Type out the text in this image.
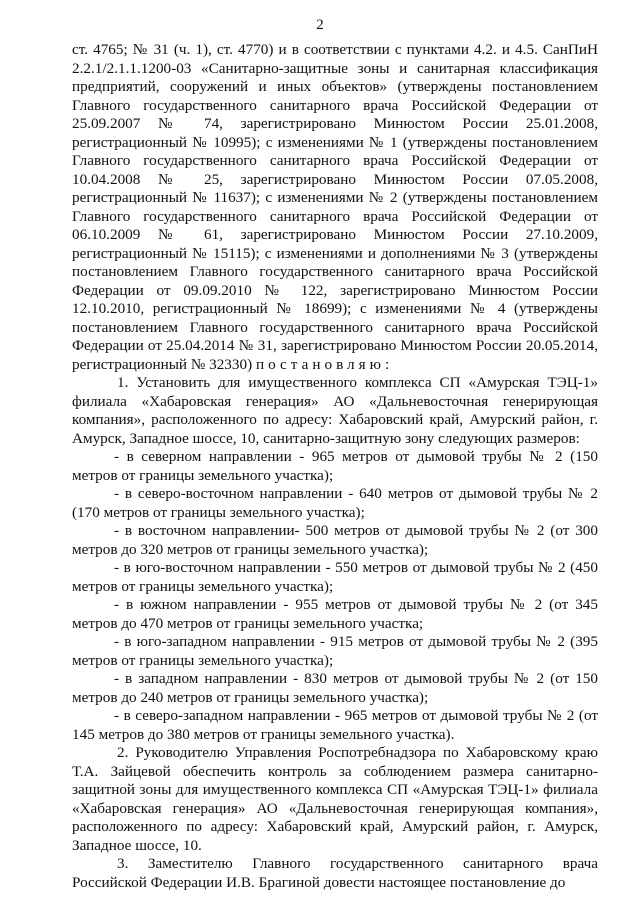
2

ст. 4765; № 31 (ч. 1), ст. 4770) и в соответствии с пунктами 4.2. и 4.5. СанПиН 2.2.1/2.1.1.1200-03 «Санитарно-защитные зоны и санитарная классификация предприятий, сооружений и иных объектов» (утверждены постановлением Главного государственного санитарного врача Российской Федерации от 25.09.2007 № 74, зарегистрировано Минюстом России 25.01.2008, регистрационный № 10995); с изменениями № 1 (утверждены постановлением Главного государственного санитарного врача Российской Федерации от 10.04.2008 № 25, зарегистрировано Минюстом России 07.05.2008, регистрационный № 11637); с изменениями № 2 (утверждены постановлением Главного государственного санитарного врача Российской Федерации от 06.10.2009 № 61, зарегистрировано Минюстом России 27.10.2009, регистрационный № 15115); с изменениями и дополнениями № 3 (утверждены постановлением Главного государственного санитарного врача Российской Федерации от 09.09.2010 № 122, зарегистрировано Минюстом России 12.10.2010, регистрационный № 18699); с изменениями № 4 (утверждены постановлением Главного государственного санитарного врача Российской Федерации от 25.04.2014 № 31, зарегистрировано Минюстом России 20.05.2014, регистрационный № 32330) постановляю:

1. Установить для имущественного комплекса СП «Амурская ТЭЦ-1» филиала «Хабаровская генерация» АО «Дальневосточная генерирующая компания», расположенного по адресу: Хабаровский край, Амурский район, г. Амурск, Западное шоссе, 10, санитарно-защитную зону следующих размеров:

- в северном направлении - 965 метров от дымовой трубы № 2 (150 метров от границы земельного участка);

- в северо-восточном направлении - 640 метров от дымовой трубы № 2 (170 метров от границы земельного участка);

- в восточном направлении- 500 метров от дымовой трубы № 2 (от 300 метров до 320 метров от границы земельного участка);

- в юго-восточном направлении - 550 метров от дымовой трубы № 2 (450 метров от границы земельного участка);

- в южном направлении - 955 метров от дымовой трубы № 2 (от 345 метров до 470 метров от границы земельного участка;

- в юго-западном направлении - 915 метров от дымовой трубы № 2 (395 метров от границы земельного участка);

- в западном направлении - 830 метров от дымовой трубы № 2 (от 150 метров до 240 метров от границы земельного участка);

- в северо-западном направлении - 965 метров от дымовой трубы № 2 (от 145 метров до 380 метров от границы земельного участка).

2. Руководителю Управления Роспотребнадзора по Хабаровскому краю Т.А. Зайцевой обеспечить контроль за соблюдением размера санитарно-защитной зоны для имущественного комплекса СП «Амурская ТЭЦ-1» филиала «Хабаровская генерация» АО «Дальневосточная генерирующая компания», расположенного по адресу: Хабаровский край, Амурский район, г. Амурск, Западное шоссе, 10.

3. Заместителю Главного государственного санитарного врача Российской Федерации И.В. Брагиной довести настоящее постановление до
